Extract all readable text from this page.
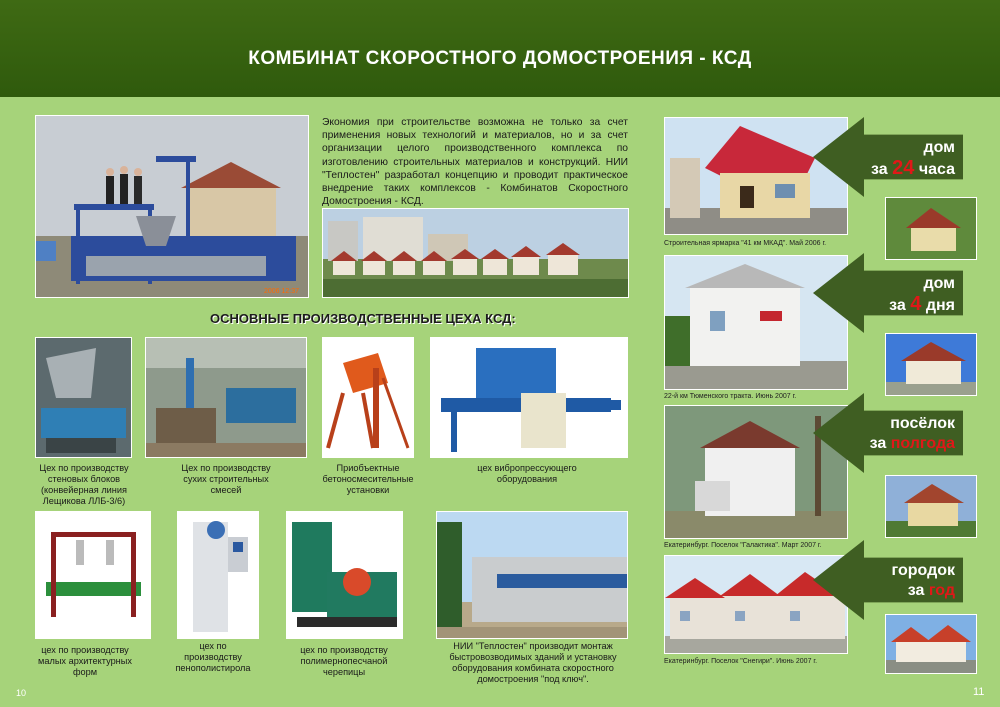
КОМБИНАТ СКОРОСТНОГО ДОМОСТРОЕНИЯ - КСД
2006 12:37
Экономия при строительстве возможна не только за счет применения новых технологий и материалов, но и за счет организации целого производственного комплекса по изготовлению строительных материалов и конструкций. НИИ "Теплостен" разработал концепцию и проводит практическое внедрение таких комплексов - Комбинатов Скоростного Домостроения - КСД.
ОСНОВНЫЕ ПРОИЗВОДСТВЕННЫЕ ЦЕХА КСД:
Цех по производству стеновых блоков (конвейерная линия Лещикова ЛЛБ-3/6)
Цех по производству сухих строительных смесей
Приобъектные бетоносмесительные установки
цех вибропрессующего оборудования
цех по производству малых архитектурных форм
цех по производству пенополистирола
цех по производству полимернопесчаной черепицы
НИИ "Теплостен" производит монтаж быстровозводимых зданий и установку оборудования комбината скоростного домостроения "под ключ".
Строительная ярмарка "41 км МКАД". Май 2006 г.
22-й км Тюменского тракта. Июнь 2007 г.
Екатеринбург. Поселок "Галактика". Март 2007 г.
Екатеринбург. Поселок "Снегири". Июнь 2007 г.
дом
за 24 часа
дом
за 4 дня
посёлок
за полгода
городок
за год
10	11
